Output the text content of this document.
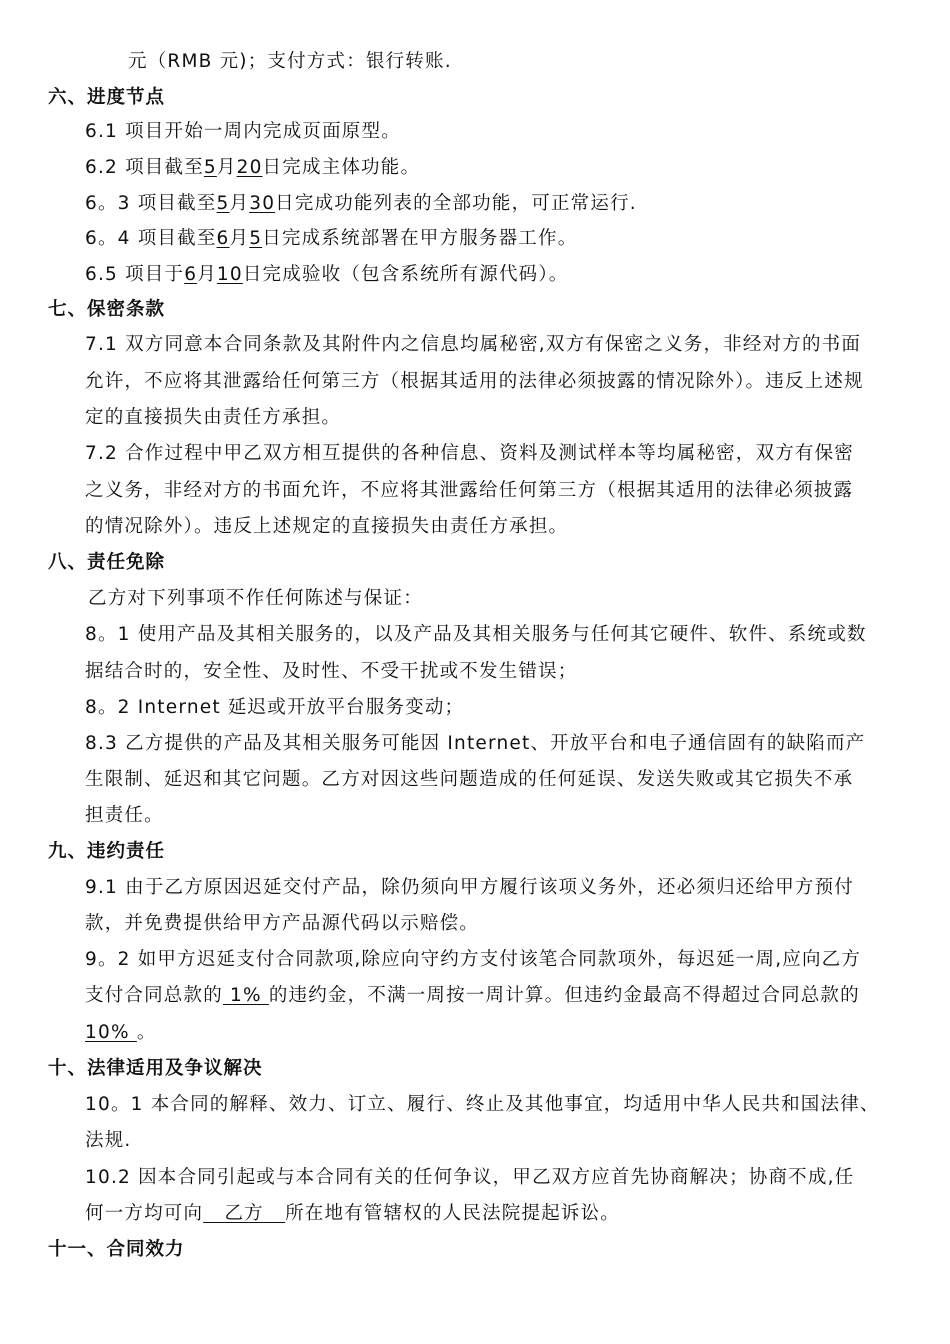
元（RMB 元)；支付方式：银行转账.
六、进度节点
6.1 项目开始一周内完成页面原型。
6.2 项目截至5月20日完成主体功能。
6。3 项目截至5月30日完成功能列表的全部功能，可正常运行.
6。4 项目截至6月5日完成系统部署在甲方服务器工作。
6.5 项目于6月10日完成验收（包含系统所有源代码）。
七、保密条款
7.1 双方同意本合同条款及其附件内之信息均属秘密,双方有保密之义务，非经对方的书面
允许，不应将其泄露给任何第三方（根据其适用的法律必须披露的情况除外）。违反上述规
定的直接损失由责任方承担。
7.2 合作过程中甲乙双方相互提供的各种信息、资料及测试样本等均属秘密，双方有保密
之义务，非经对方的书面允许，不应将其泄露给任何第三方（根据其适用的法律必须披露
的情况除外）。违反上述规定的直接损失由责任方承担。
八、责任免除
乙方对下列事项不作任何陈述与保证：
8。1 使用产品及其相关服务的，以及产品及其相关服务与任何其它硬件、软件、系统或数
据结合时的，安全性、及时性、不受干扰或不发生错误；
8。2 Internet 延迟或开放平台服务变动；
8.3 乙方提供的产品及其相关服务可能因 Internet、开放平台和电子通信固有的缺陷而产
生限制、延迟和其它问题。乙方对因这些问题造成的任何延误、发送失败或其它损失不承
担责任。
九、违约责任
9.1 由于乙方原因迟延交付产品，除仍须向甲方履行该项义务外，还必须归还给甲方预付
款，并免费提供给甲方产品源代码以示赔偿。
9。2 如甲方迟延支付合同款项,除应向守约方支付该笔合同款项外，每迟延一周,应向乙方
支付合同总款的 1% 的违约金，不满一周按一周计算。但违约金最高不得超过合同总款的
10% 。
十、法律适用及争议解决
10。1 本合同的解释、效力、订立、履行、终止及其他事宜，均适用中华人民共和国法律、
法规.
10.2 因本合同引起或与本合同有关的任何争议，甲乙双方应首先协商解决；协商不成,任
何一方均可向   乙方   所在地有管辖权的人民法院提起诉讼。
十一、合同效力
